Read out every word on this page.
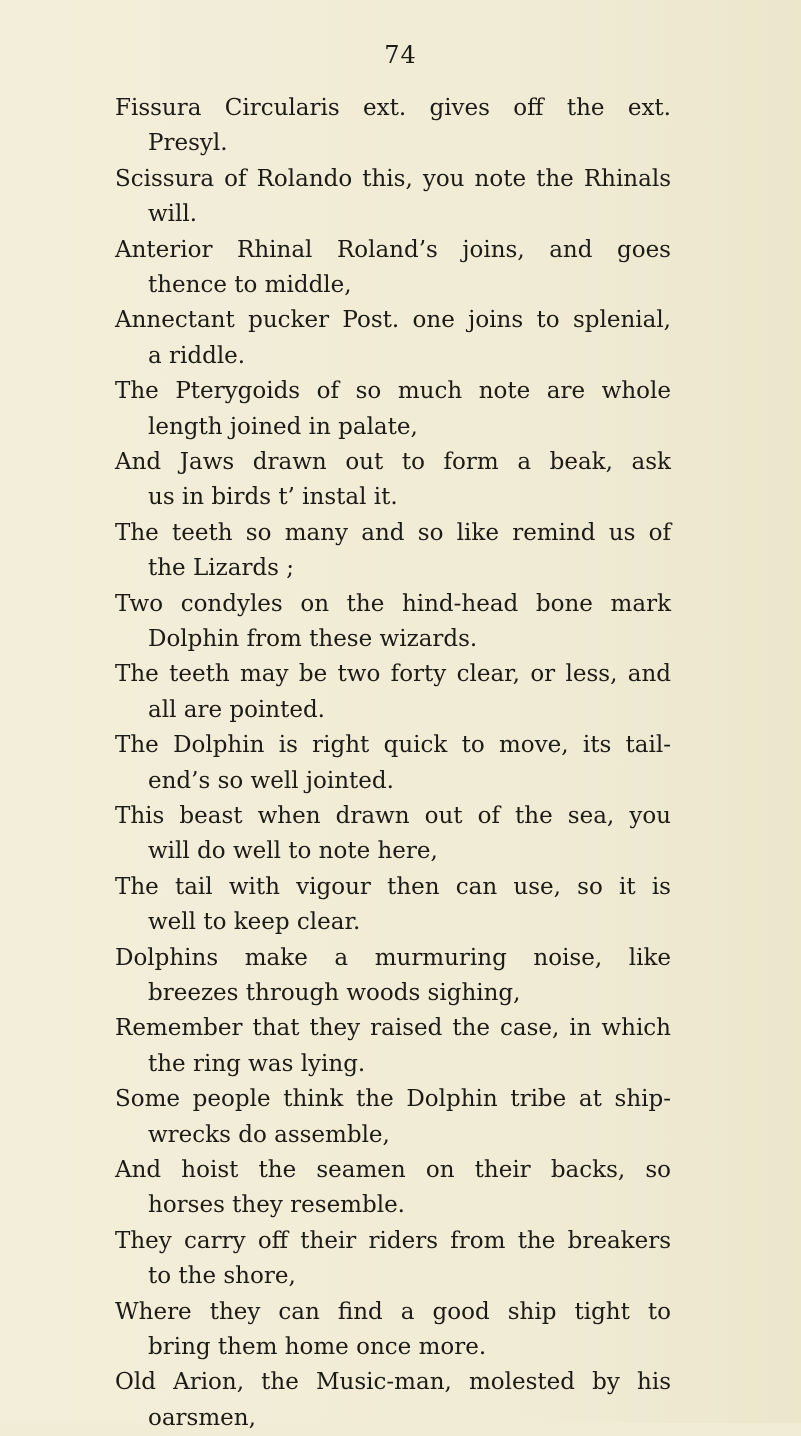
74
Fissura Circularis ext. gives off the ext.
Presyl.
Scissura of Rolando this, you note the Rhinals
will.
Anterior Rhinal Roland’s joins, and goes
thence to middle,
Annectant pucker Post. one joins to splenial,
a riddle.
The Pterygoids of so much note are whole
length joined in palate,
And Jaws drawn out to form a beak, ask
us in birds t’ instal it.
The teeth so many and so like remind us of
the Lizards ;
Two condyles on the hind-head bone mark
Dolphin from these wizards.
The teeth may be two forty clear, or less, and
all are pointed.
The Dolphin is right quick to move, its tail-
end’s so well jointed.
This beast when drawn out of the sea, you
will do well to note here,
The tail with vigour then can use, so it is
well to keep clear.
Dolphins make a murmuring noise, like
breezes through woods sighing,
Remember that they raised the case, in which
the ring was lying.
Some people think the Dolphin tribe at ship-
wrecks do assemble,
And hoist the seamen on their backs, so
horses they resemble.
They carry off their riders from the breakers
to the shore,
Where they can find a good ship tight to
bring them home once more.
Old Arion, the Music-man, molested by his
oarsmen,
